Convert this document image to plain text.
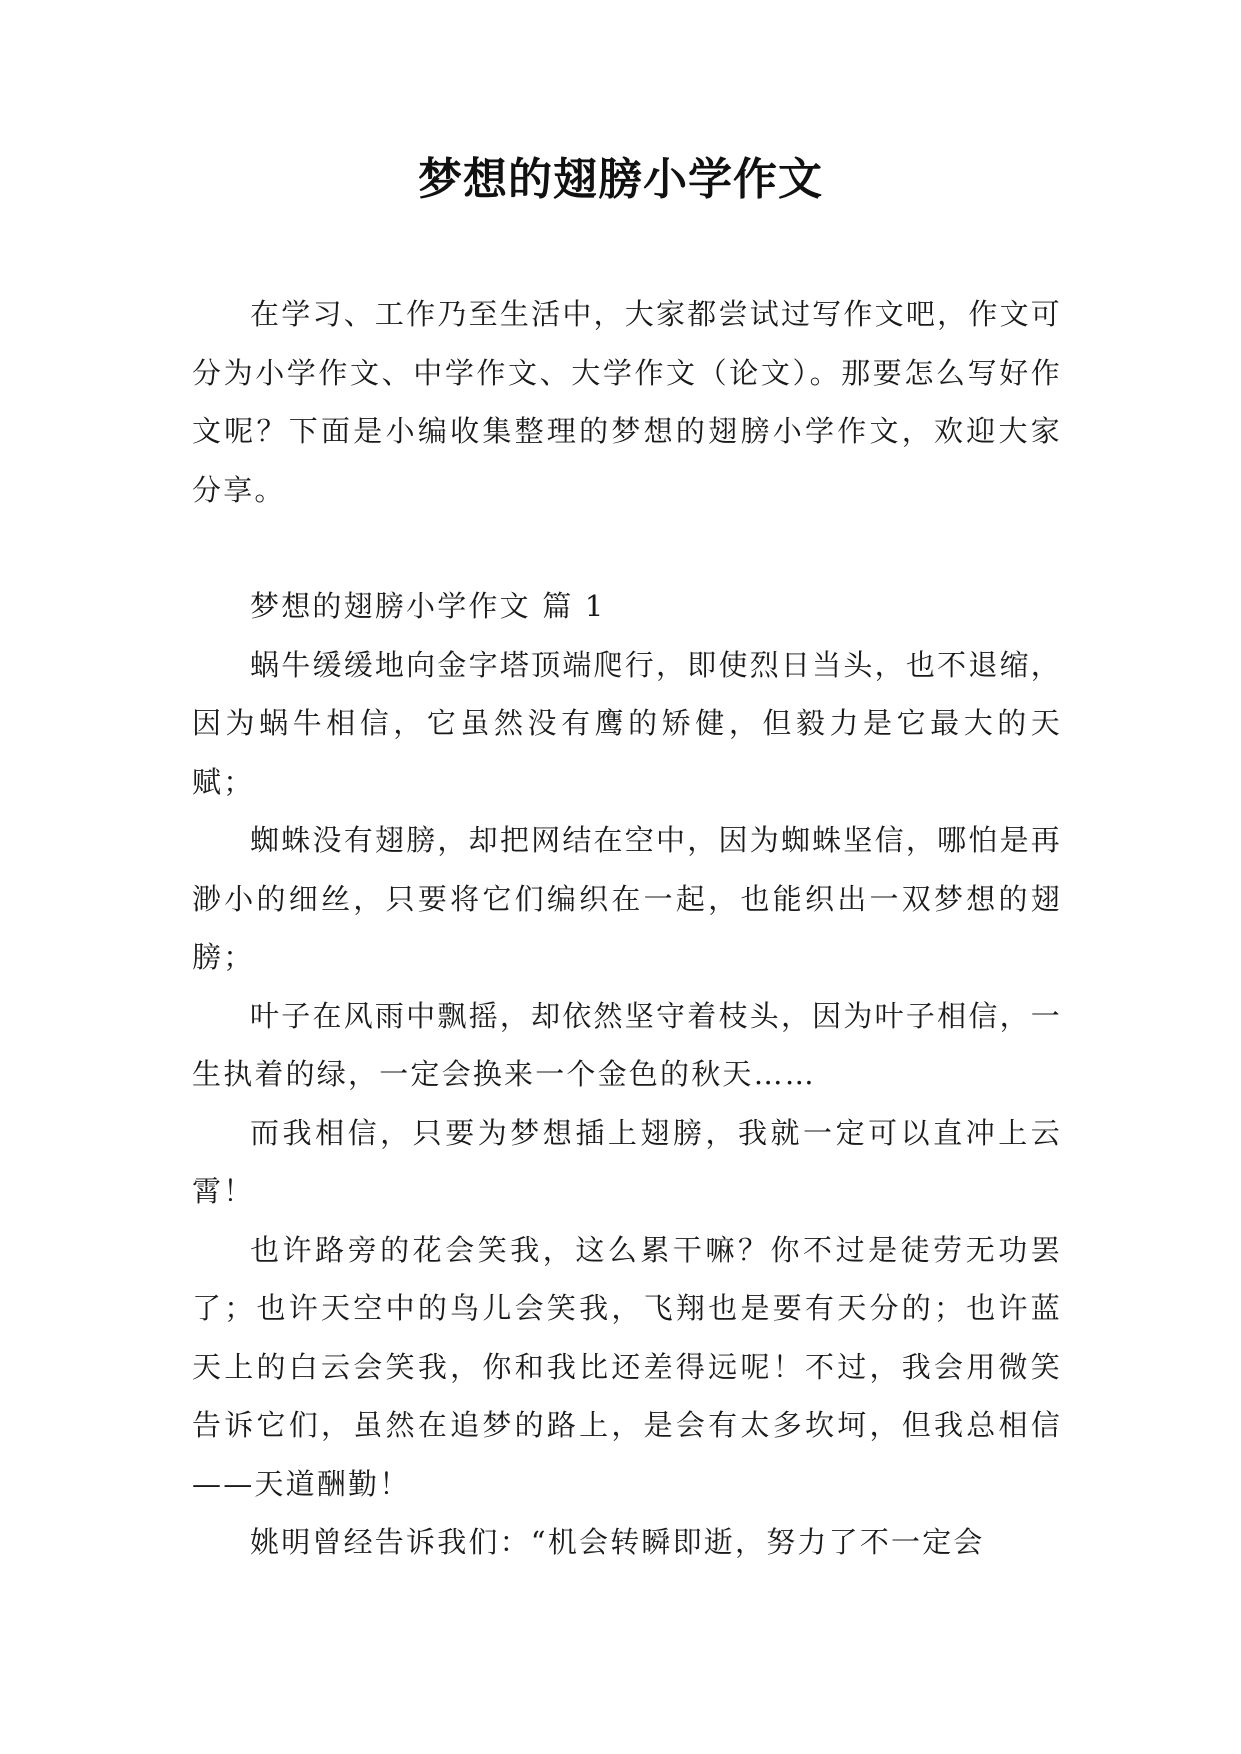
梦想的翅膀小学作文

在学习、工作乃至生活中，大家都尝试过写作文吧，作文可分为小学作文、中学作文、大学作文（论文）。那要怎么写好作文呢？下面是小编收集整理的梦想的翅膀小学作文，欢迎大家分享。

梦想的翅膀小学作文 篇 1

蜗牛缓缓地向金字塔顶端爬行，即使烈日当头，也不退缩，因为蜗牛相信，它虽然没有鹰的矫健，但毅力是它最大的天赋；

蜘蛛没有翅膀，却把网结在空中，因为蜘蛛坚信，哪怕是再渺小的细丝，只要将它们编织在一起，也能织出一双梦想的翅膀；

叶子在风雨中飘摇，却依然坚守着枝头，因为叶子相信，一生执着的绿，一定会换来一个金色的秋天……

而我相信，只要为梦想插上翅膀，我就一定可以直冲上云霄！

也许路旁的花会笑我，这么累干嘛？你不过是徒劳无功罢了；也许天空中的鸟儿会笑我，飞翔也是要有天分的；也许蓝天上的白云会笑我，你和我比还差得远呢！不过，我会用微笑告诉它们，虽然在追梦的路上，是会有太多坎坷，但我总相信——天道酬勤！

姚明曾经告诉我们：“机会转瞬即逝，努力了不一定会
